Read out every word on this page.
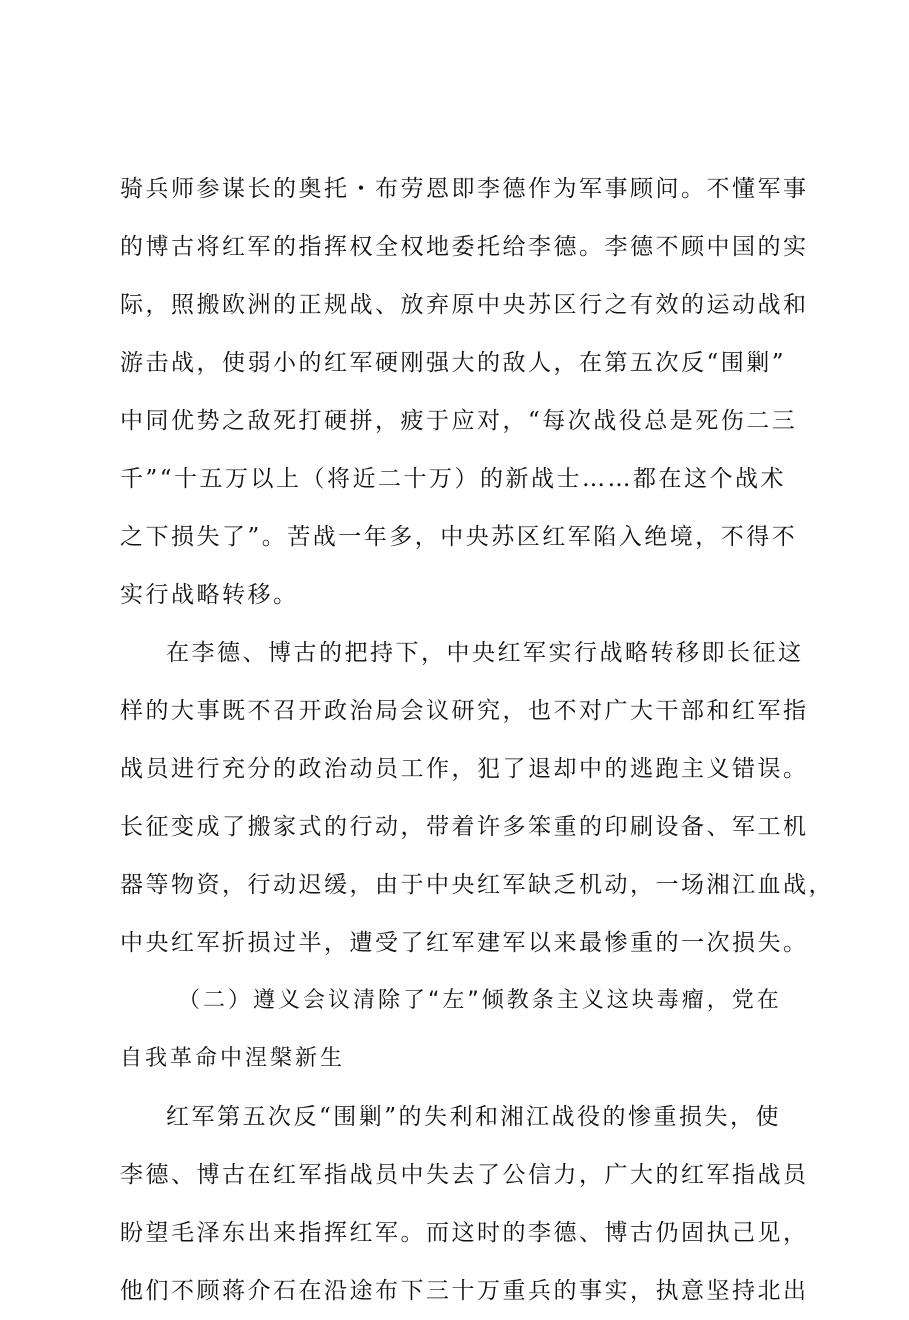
骑兵师参谋长的奥托・布劳恩即李德作为军事顾问。不懂军事
的博古将红军的指挥权全权地委托给李德。李德不顾中国的实
际，照搬欧洲的正规战、放弃原中央苏区行之有效的运动战和
游击战，使弱小的红军硬刚强大的敌人，在第五次反“围剿”
中同优势之敌死打硬拼，疲于应对，“每次战役总是死伤二三
千”“十五万以上（将近二十万）的新战士……都在这个战术
之下损失了”。苦战一年多，中央苏区红军陷入绝境，不得不
实行战略转移。
在李德、博古的把持下，中央红军实行战略转移即长征这
样的大事既不召开政治局会议研究，也不对广大干部和红军指
战员进行充分的政治动员工作，犯了退却中的逃跑主义错误。
长征变成了搬家式的行动，带着许多笨重的印刷设备、军工机
器等物资，行动迟缓，由于中央红军缺乏机动，一场湘江血战，
中央红军折损过半，遭受了红军建军以来最惨重的一次损失。
（二）遵义会议清除了“左”倾教条主义这块毒瘤，党在
自我革命中涅槃新生
红军第五次反“围剿”的失利和湘江战役的惨重损失，使
李德、博古在红军指战员中失去了公信力，广大的红军指战员
盼望毛泽东出来指挥红军。而这时的李德、博古仍固执己见，
他们不顾蒋介石在沿途布下三十万重兵的事实，执意坚持北出
